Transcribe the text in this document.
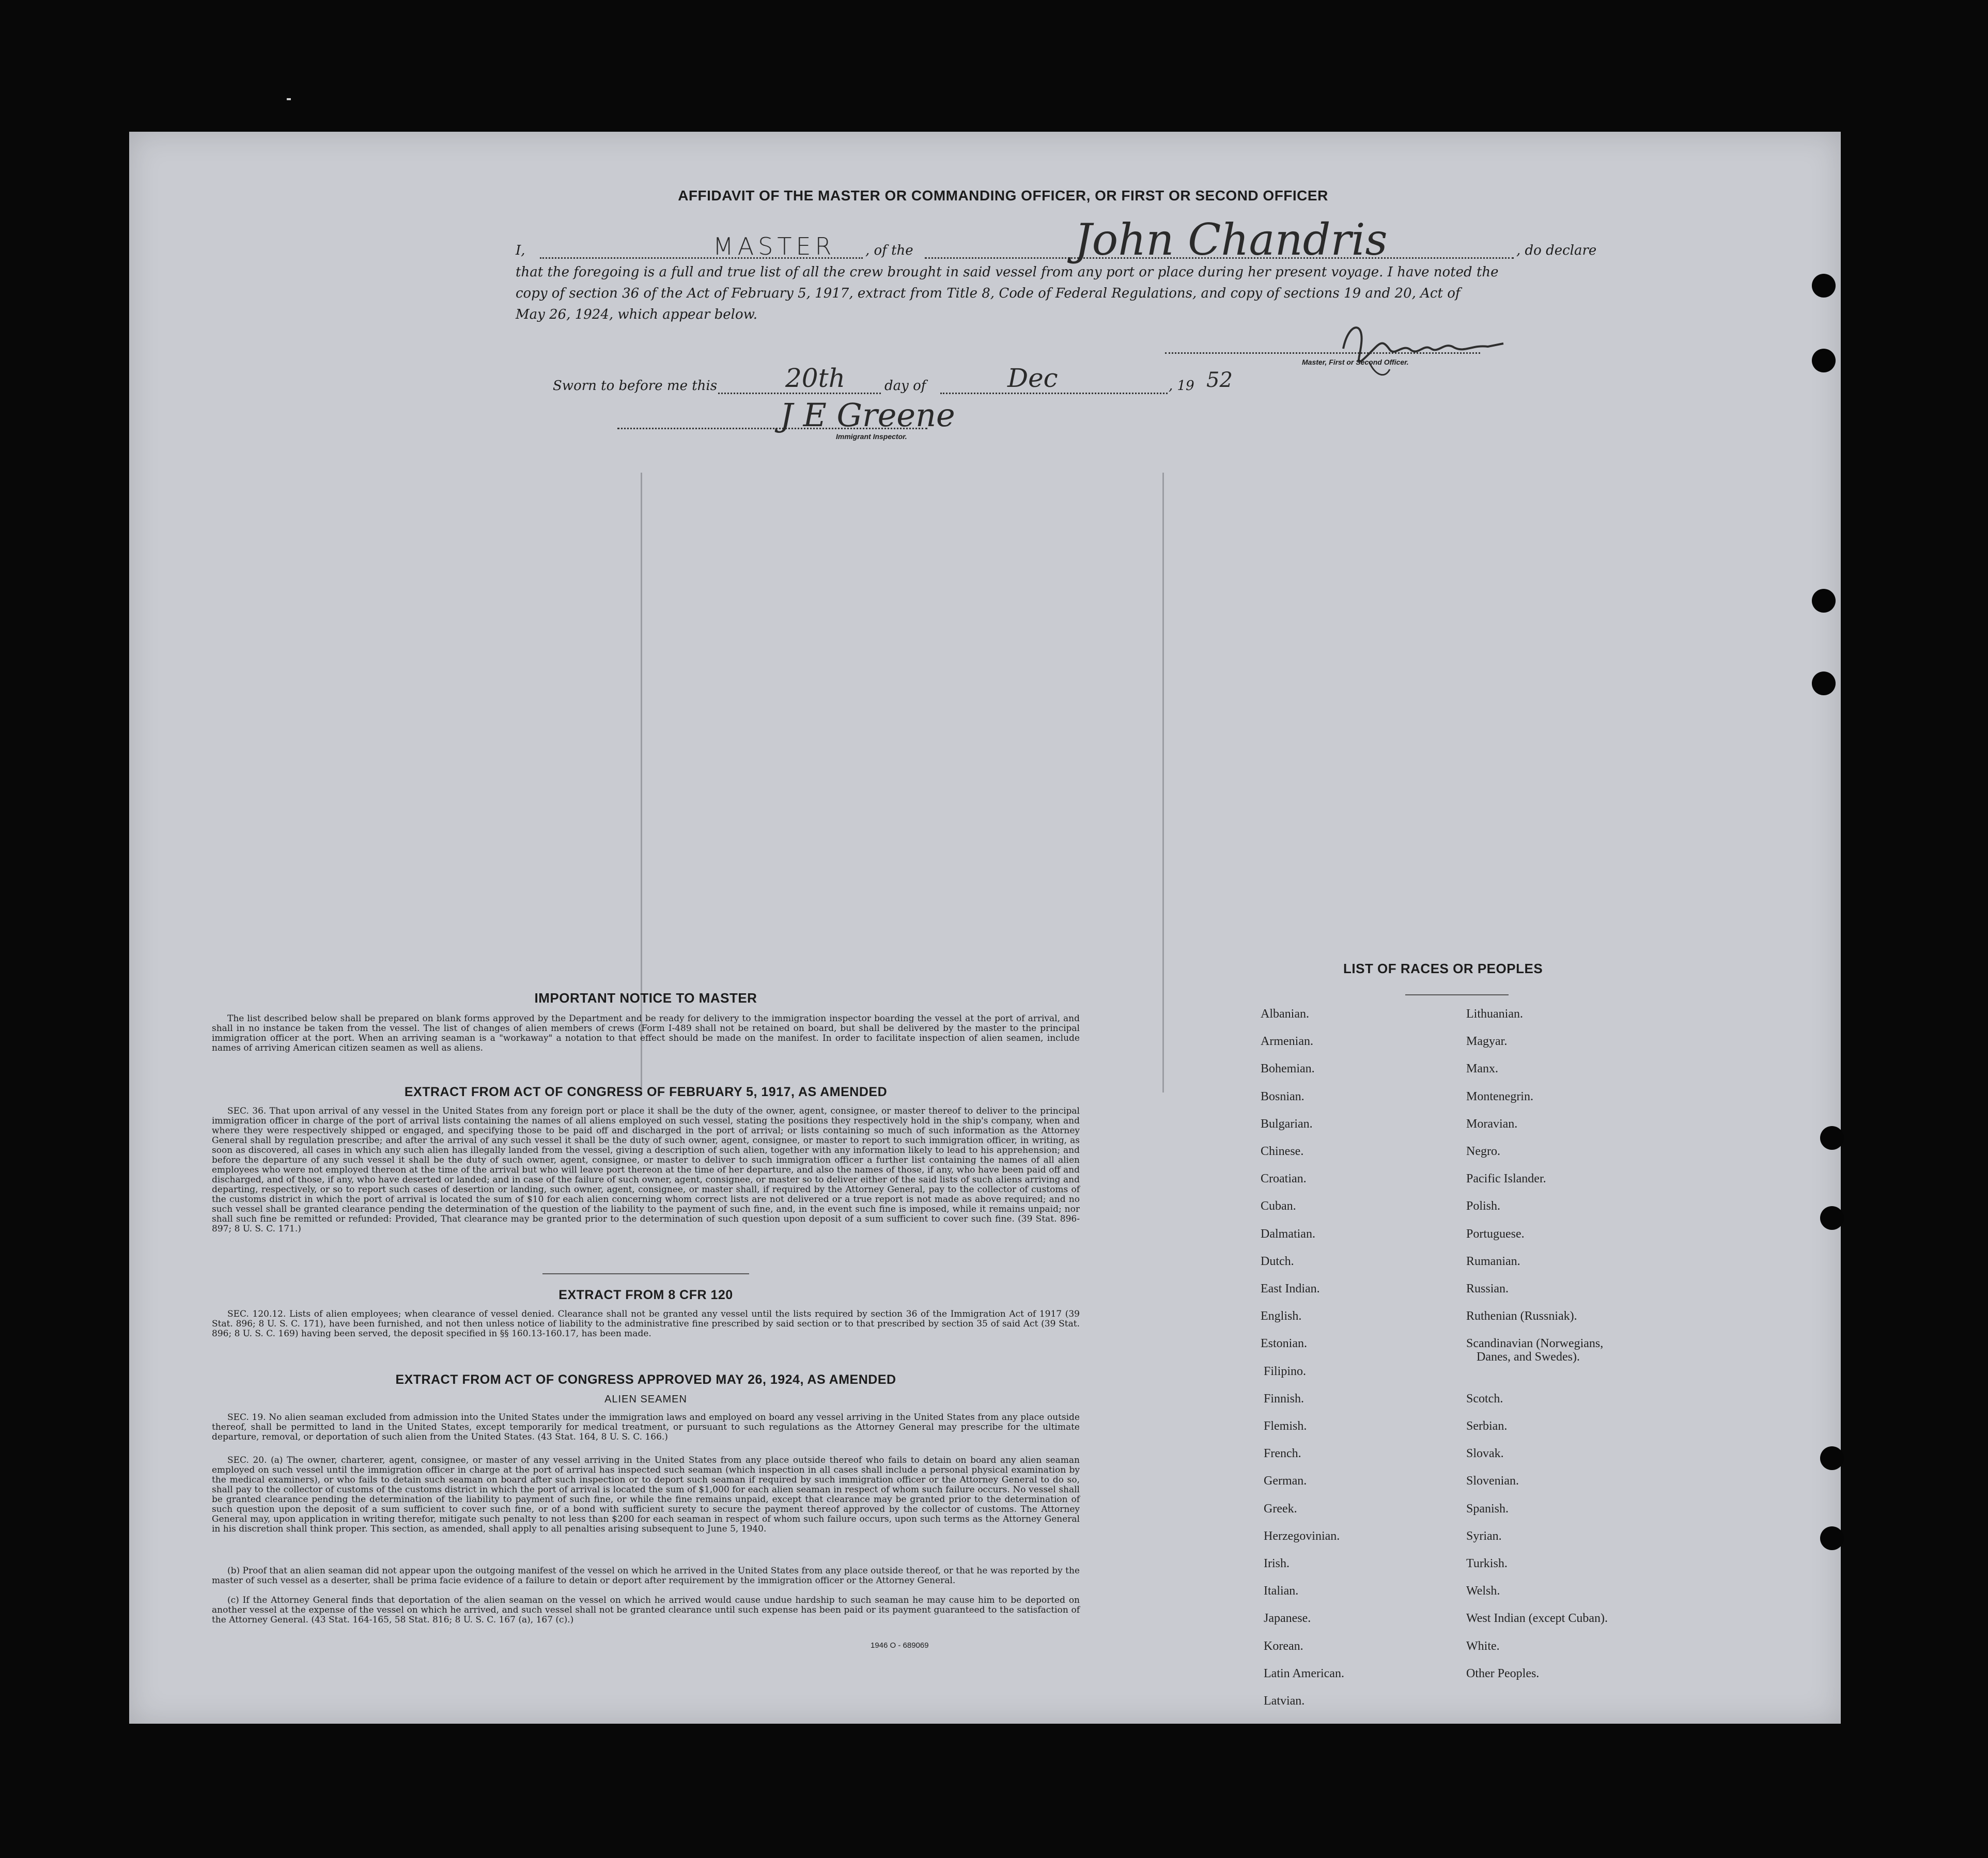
AFFIDAVIT OF THE MASTER OR COMMANDING OFFICER, OR FIRST OR SECOND OFFICER
I,	MASTER , of the	John Chandris	, do declare
that the foregoing is a full and true list of all the crew brought in said vessel from any port or place during her present voyage. I have noted the
copy of section 36 of the Act of February 5, 1917, extract from Title 8, Code of Federal Regulations, and copy of sections 19 and 20, Act of
May 26, 1924, which appear below.
Master, First or Second Officer.
Sworn to before me this	20th	day of	Dec	, 19 52
J E Greene
Immigrant Inspector.
IMPORTANT NOTICE TO MASTER
The list described below shall be prepared on blank forms approved by the Department and be ready for delivery to the immigration inspector boarding the vessel at the port of arrival, and shall in no instance be taken from the vessel. The list of changes of alien members of crews (Form I-489 shall not be retained on board, but shall be delivered by the master to the principal immigration officer at the port. When an arriving seaman is a "workaway" a notation to that effect should be made on the manifest. In order to facilitate inspection of alien seamen, include names of arriving American citizen seamen as well as aliens.
EXTRACT FROM ACT OF CONGRESS OF FEBRUARY 5, 1917, AS AMENDED
SEC. 36. That upon arrival of any vessel in the United States from any foreign port or place it shall be the duty of the owner, agent, consignee, or master thereof to deliver to the principal immigration officer in charge of the port of arrival lists containing the names of all aliens employed on such vessel, stating the positions they respectively hold in the ship's company, when and where they were respectively shipped or engaged, and specifying those to be paid off and discharged in the port of arrival; or lists containing so much of such information as the Attorney General shall by regulation prescribe; and after the arrival of any such vessel it shall be the duty of such owner, agent, consignee, or master to report to such immigration officer, in writing, as soon as discovered, all cases in which any such alien has illegally landed from the vessel, giving a description of such alien, together with any information likely to lead to his apprehension; and before the departure of any such vessel it shall be the duty of such owner, agent, consignee, or master to deliver to such immigration officer a further list containing the names of all alien employees who were not employed thereon at the time of the arrival but who will leave port thereon at the time of her departure, and also the names of those, if any, who have been paid off and discharged, and of those, if any, who have deserted or landed; and in case of the failure of such owner, agent, consignee, or master so to deliver either of the said lists of such aliens arriving and departing, respectively, or so to report such cases of desertion or landing, such owner, agent, consignee, or master shall, if required by the Attorney General, pay to the collector of customs of the customs district in which the port of arrival is located the sum of $10 for each alien concerning whom correct lists are not delivered or a true report is not made as above required; and no such vessel shall be granted clearance pending the determination of the question of the liability to the payment of such fine, and, in the event such fine is imposed, while it remains unpaid; nor shall such fine be remitted or refunded: Provided, That clearance may be granted prior to the determination of such question upon deposit of a sum sufficient to cover such fine. (39 Stat. 896-897; 8 U. S. C. 171.)
EXTRACT FROM 8 CFR 120
SEC. 120.12. Lists of alien employees; when clearance of vessel denied. Clearance shall not be granted any vessel until the lists required by section 36 of the Immigration Act of 1917 (39 Stat. 896; 8 U. S. C. 171), have been furnished, and not then unless notice of liability to the administrative fine prescribed by said section or to that prescribed by section 35 of said Act (39 Stat. 896; 8 U. S. C. 169) having been served, the deposit specified in §§ 160.13-160.17, has been made.
EXTRACT FROM ACT OF CONGRESS APPROVED MAY 26, 1924, AS AMENDED
ALIEN SEAMEN
SEC. 19. No alien seaman excluded from admission into the United States under the immigration laws and employed on board any vessel arriving in the United States from any place outside thereof, shall be permitted to land in the United States, except temporarily for medical treatment, or pursuant to such regulations as the Attorney General may prescribe for the ultimate departure, removal, or deportation of such alien from the United States. (43 Stat. 164, 8 U. S. C. 166.)
SEC. 20. (a) The owner, charterer, agent, consignee, or master of any vessel arriving in the United States from any place outside thereof who fails to detain on board any alien seaman employed on such vessel until the immigration officer in charge at the port of arrival has inspected such seaman (which inspection in all cases shall include a personal physical examination by the medical examiners), or who fails to detain such seaman on board after such inspection or to deport such seaman if required by such immigration officer or the Attorney General to do so, shall pay to the collector of customs of the customs district in which the port of arrival is located the sum of $1,000 for each alien seaman in respect of whom such failure occurs. No vessel shall be granted clearance pending the determination of the liability to payment of such fine, or while the fine remains unpaid, except that clearance may be granted prior to the determination of such question upon the deposit of a sum sufficient to cover such fine, or of a bond with sufficient surety to secure the payment thereof approved by the collector of customs. The Attorney General may, upon application in writing therefor, mitigate such penalty to not less than $200 for each seaman in respect of whom such failure occurs, upon such terms as the Attorney General in his discretion shall think proper. This section, as amended, shall apply to all penalties arising subsequent to June 5, 1940.
(b) Proof that an alien seaman did not appear upon the outgoing manifest of the vessel on which he arrived in the United States from any place outside thereof, or that he was reported by the master of such vessel as a deserter, shall be prima facie evidence of a failure to detain or deport after requirement by the immigration officer or the Attorney General.
(c) If the Attorney General finds that deportation of the alien seaman on the vessel on which he arrived would cause undue hardship to such seaman he may cause him to be deported on another vessel at the expense of the vessel on which he arrived, and such vessel shall not be granted clearance until such expense has been paid or its payment guaranteed to the satisfaction of the Attorney General. (43 Stat. 164-165, 58 Stat. 816; 8 U. S. C. 167 (a), 167 (c).)
1946 O - 689069
LIST OF RACES OR PEOPLES
Albanian.
Armenian.
Bohemian.
Bosnian.
Bulgarian.
Chinese.
Croatian.
Cuban.
Dalmatian.
Dutch.
East Indian.
English.
Estonian.
Filipino.
Finnish.
Flemish.
French.
German.
Greek.
Herzegovinian.
Irish.
Italian.
Japanese.
Korean.
Latin American.
Latvian.
Lithuanian.
Magyar.
Manx.
Montenegrin.
Moravian.
Negro.
Pacific Islander.
Polish.
Portuguese.
Rumanian.
Russian.
Ruthenian (Russniak).
Scandinavian (Norwegians,
Danes, and Swedes).
Scotch.
Serbian.
Slovak.
Slovenian.
Spanish.
Syrian.
Turkish.
Welsh.
West Indian (except Cuban).
White.
Other Peoples.
